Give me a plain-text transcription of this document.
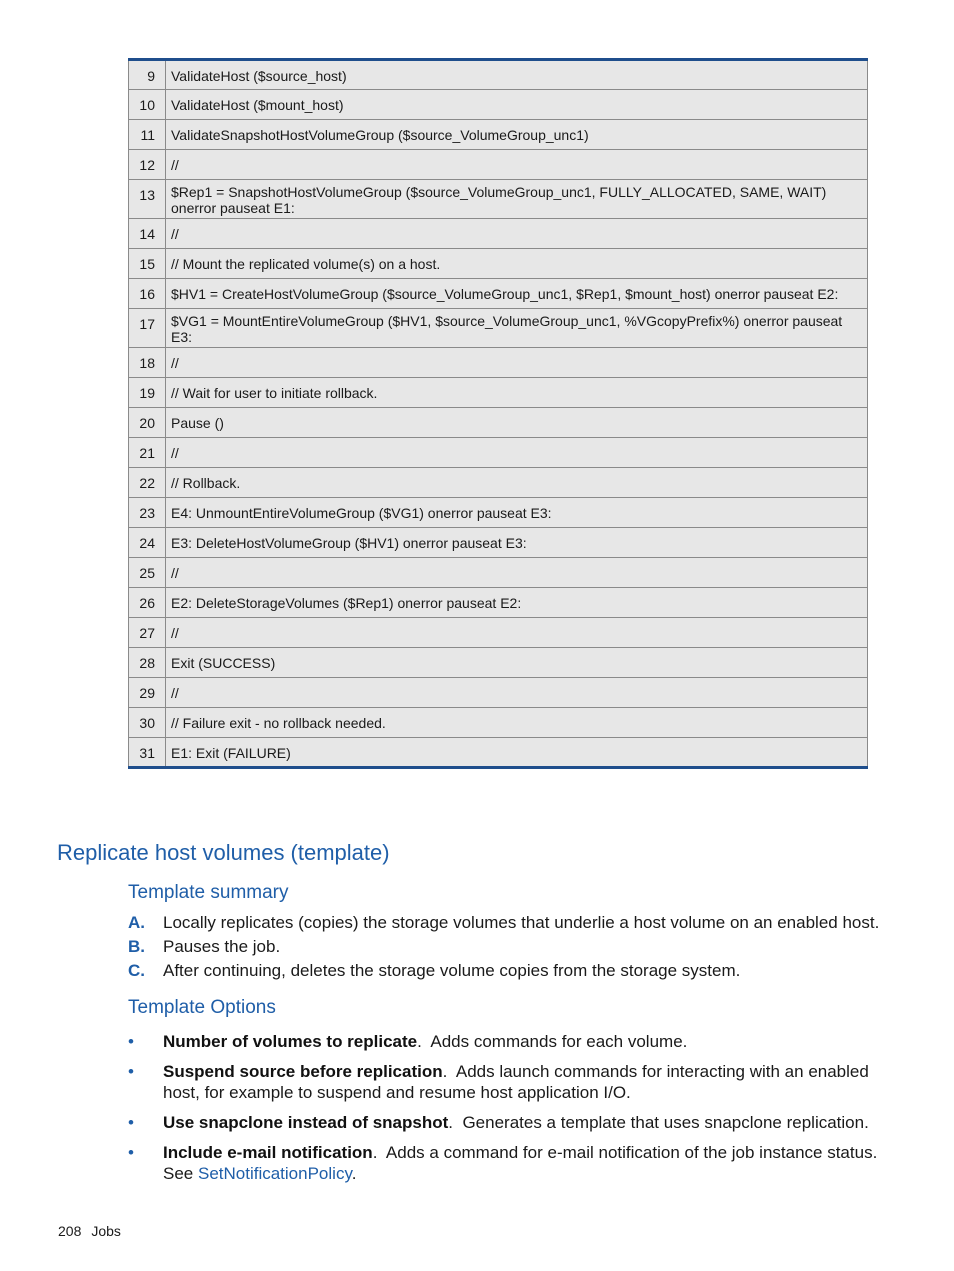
9	ValidateHost ($source_host)
10	ValidateHost ($mount_host)
11	ValidateSnapshotHostVolumeGroup ($source_VolumeGroup_unc1)
12	//
13	$Rep1 = SnapshotHostVolumeGroup ($source_VolumeGroup_unc1, FULLY_ALLOCATED, SAME, WAIT) onerror pauseat E1:
14	//
15	// Mount the replicated volume(s) on a host.
16	$HV1 = CreateHostVolumeGroup ($source_VolumeGroup_unc1, $Rep1, $mount_host) onerror pauseat E2:
17	$VG1 = MountEntireVolumeGroup ($HV1, $source_VolumeGroup_unc1, %VGcopyPrefix%) onerror pauseat E3:
18	//
19	// Wait for user to initiate rollback.
20	Pause ()
21	//
22	// Rollback.
23	E4: UnmountEntireVolumeGroup ($VG1) onerror pauseat E3:
24	E3: DeleteHostVolumeGroup ($HV1) onerror pauseat E3:
25	//
26	E2: DeleteStorageVolumes ($Rep1) onerror pauseat E2:
27	//
28	Exit (SUCCESS)
29	//
30	// Failure exit - no rollback needed.
31	E1: Exit (FAILURE)
Replicate host volumes (template)
Template summary
A. Locally replicates (copies) the storage volumes that underlie a host volume on an enabled host.
B. Pauses the job.
C. After continuing, deletes the storage volume copies from the storage system.
Template Options
• Number of volumes to replicate.  Adds commands for each volume.
• Suspend source before replication.  Adds launch commands for interacting with an enabled host, for example to suspend and resume host application I/O.
• Use snapclone instead of snapshot.  Generates a template that uses snapclone replication.
• Include e-mail notification.  Adds a command for e-mail notification of the job instance status. See SetNotificationPolicy.
208 Jobs
